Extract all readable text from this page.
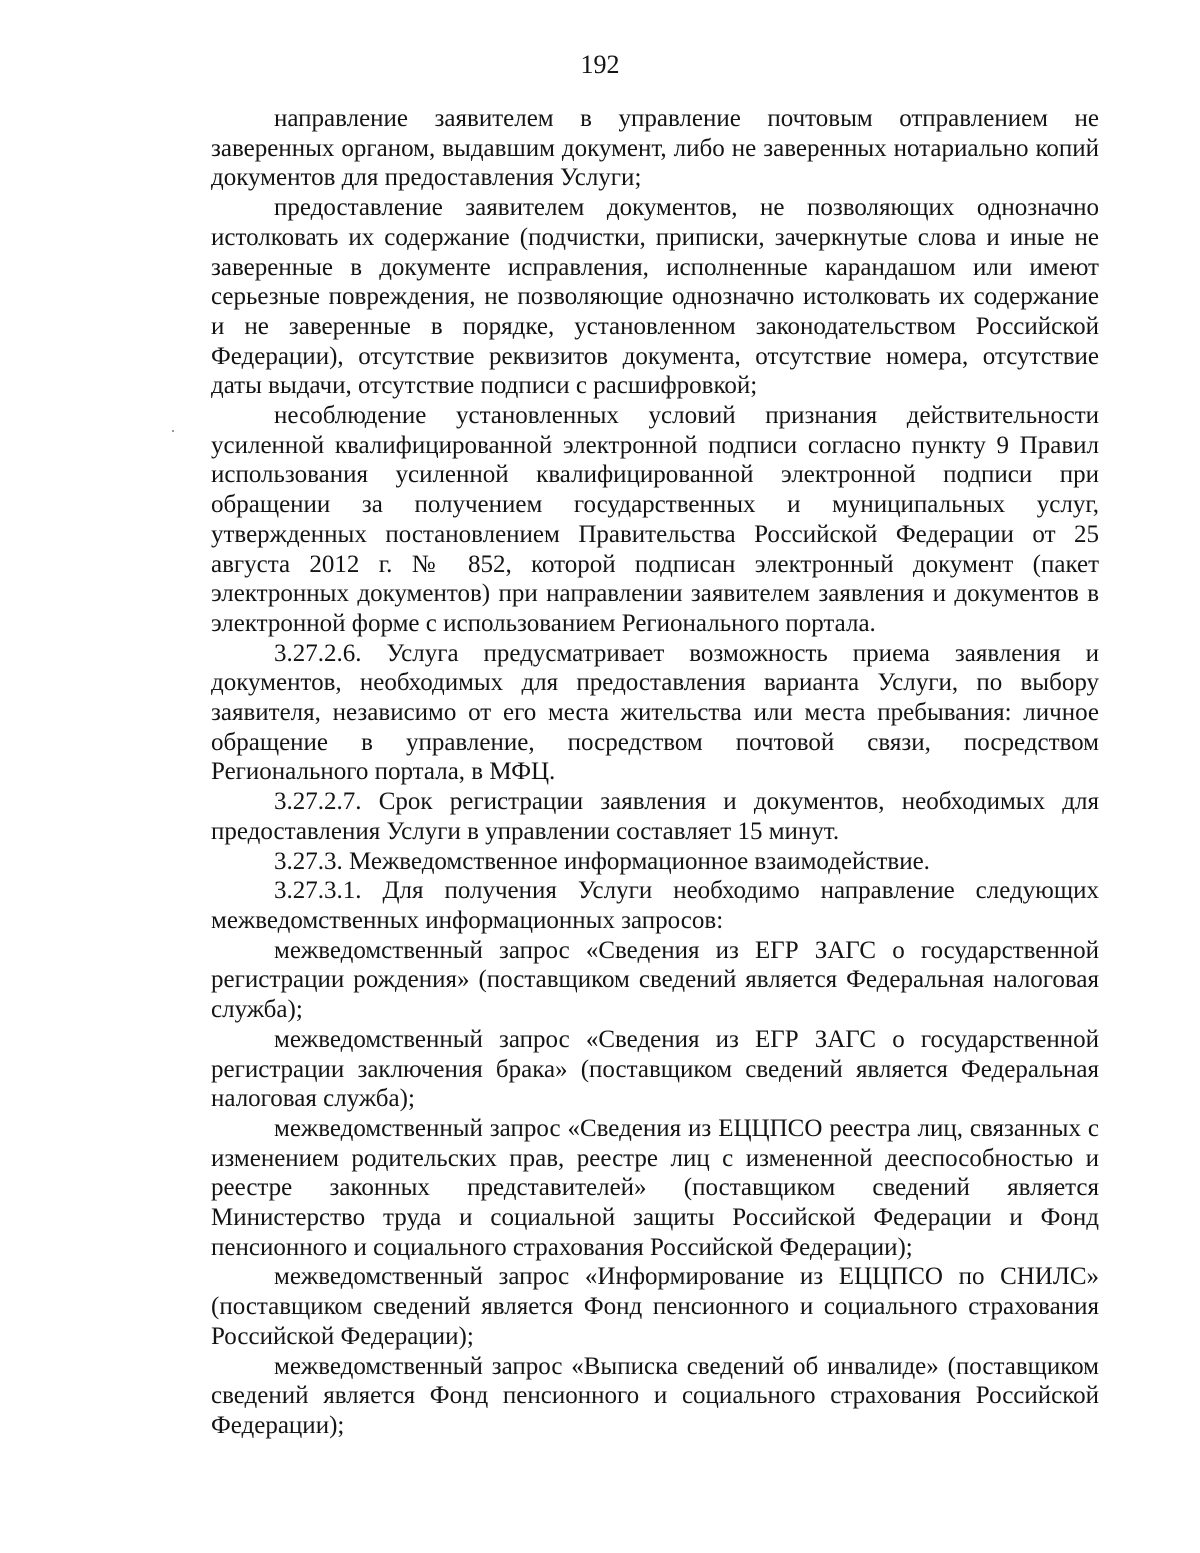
192

направление заявителем в управление почтовым отправлением не заверенных органом, выдавшим документ, либо не заверенных нотариально копий документов для предоставления Услуги;

предоставление заявителем документов, не позволяющих однозначно истолковать их содержание (подчистки, приписки, зачеркнутые слова и иные не заверенные в документе исправления, исполненные карандашом или имеют серьезные повреждения, не позволяющие однозначно истолковать их содержание и не заверенные в порядке, установленном законодательством Российской Федерации), отсутствие реквизитов документа, отсутствие номера, отсутствие даты выдачи, отсутствие подписи с расшифровкой;

несоблюдение установленных условий признания действительности усиленной квалифицированной электронной подписи согласно пункту 9 Правил использования усиленной квалифицированной электронной подписи при обращении за получением государственных и муниципальных услуг, утвержденных постановлением Правительства Российской Федерации от 25 августа 2012 г. № 852, которой подписан электронный документ (пакет электронных документов) при направлении заявителем заявления и документов в электронной форме с использованием Регионального портала.

3.27.2.6. Услуга предусматривает возможность приема заявления и документов, необходимых для предоставления варианта Услуги, по выбору заявителя, независимо от его места жительства или места пребывания: личное обращение в управление, посредством почтовой связи, посредством Регионального портала, в МФЦ.

3.27.2.7. Срок регистрации заявления и документов, необходимых для предоставления Услуги в управлении составляет 15 минут.

3.27.3. Межведомственное информационное взаимодействие.

3.27.3.1. Для получения Услуги необходимо направление следующих межведомственных информационных запросов:

межведомственный запрос «Сведения из ЕГР ЗАГС о государственной регистрации рождения» (поставщиком сведений является Федеральная налоговая служба);

межведомственный запрос «Сведения из ЕГР ЗАГС о государственной регистрации заключения брака» (поставщиком сведений является Федеральная налоговая служба);

межведомственный запрос «Сведения из ЕЦЦПСО реестра лиц, связанных с изменением родительских прав, реестре лиц с измененной дееспособностью и реестре законных представителей» (поставщиком сведений является Министерство труда и социальной защиты Российской Федерации и Фонд пенсионного и социального страхования Российской Федерации);

межведомственный запрос «Информирование из ЕЦЦПСО по СНИЛС» (поставщиком сведений является Фонд пенсионного и социального страхования Российской Федерации);

межведомственный запрос «Выписка сведений об инвалиде» (поставщиком сведений является Фонд пенсионного и социального страхования Российской Федерации);
